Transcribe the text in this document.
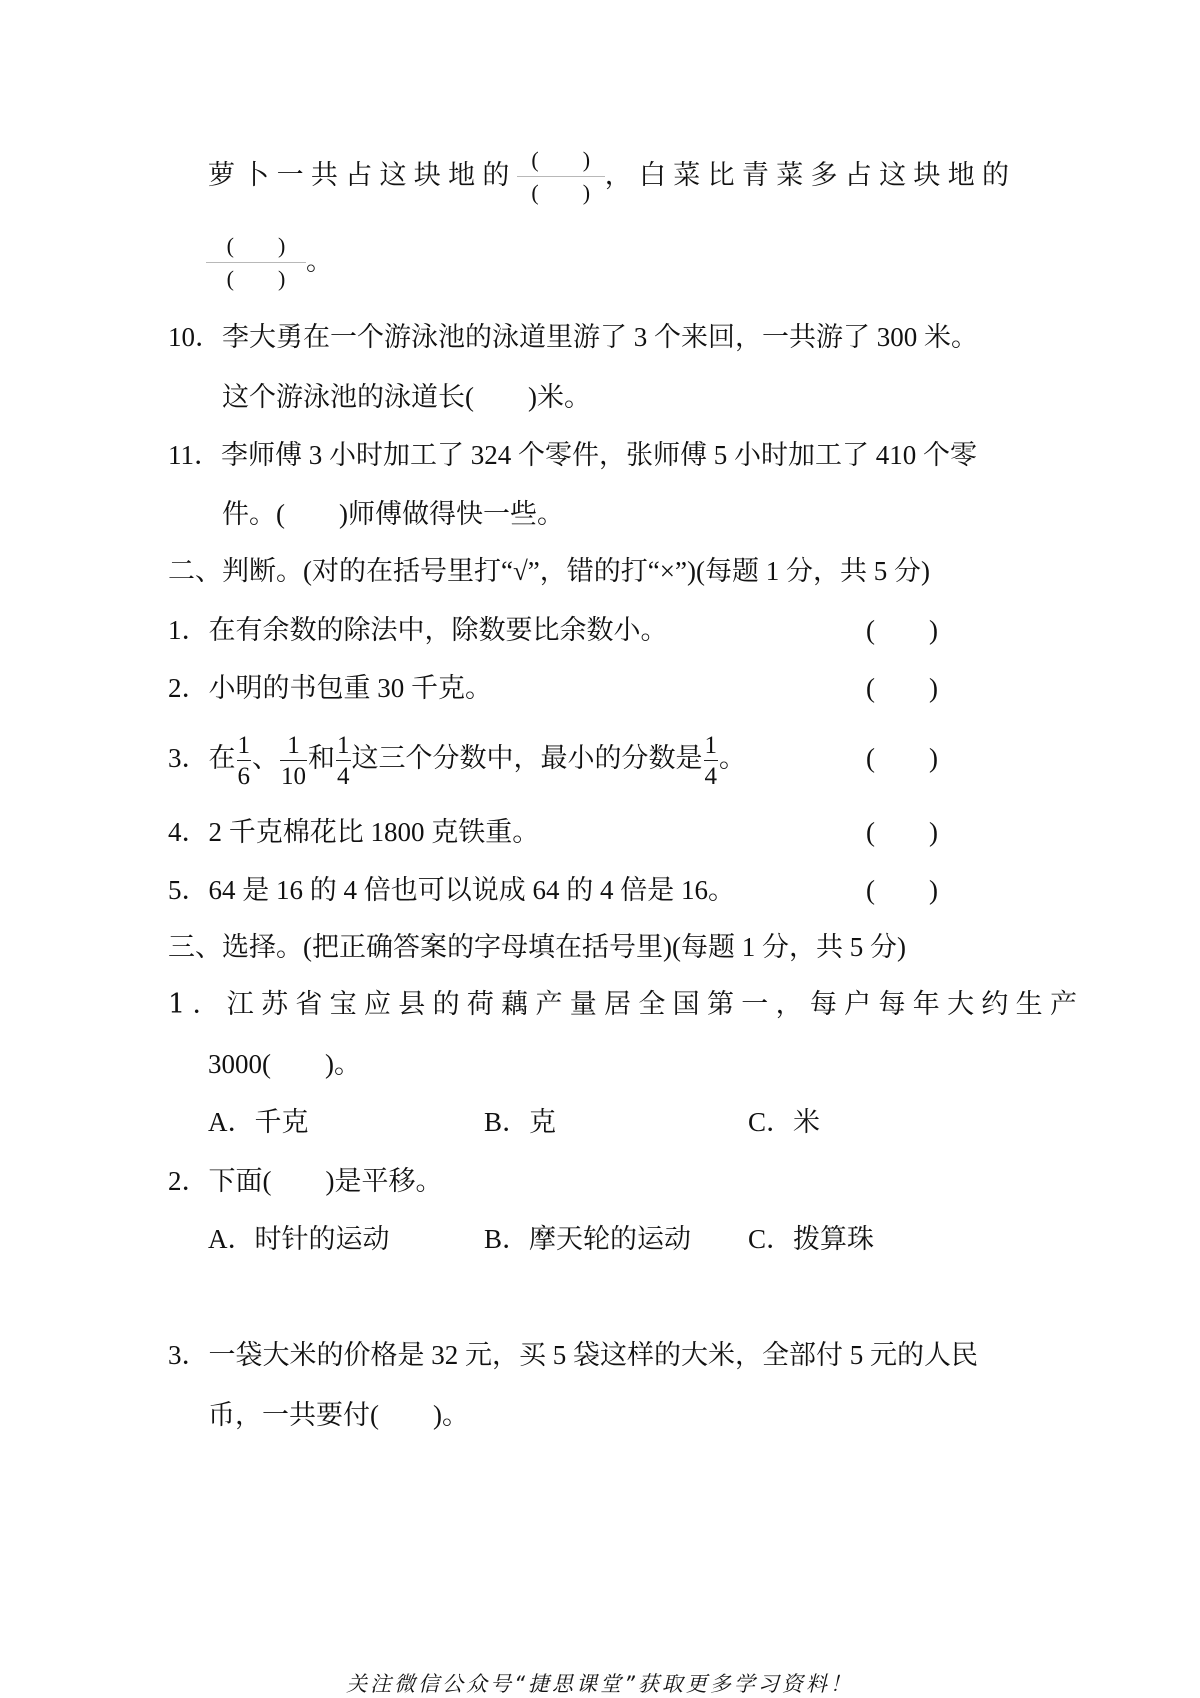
萝卜一共占这块地的
(　　)
(　　)
，白菜比青菜多占这块地的
(　　)
(　　)
。
10．李大勇在一个游泳池的泳道里游了 3 个来回，一共游了 300 米。
这个游泳池的泳道长(　　)米。
11．李师傅 3 小时加工了 324 个零件，张师傅 5 小时加工了 410 个零
件。(　　)师傅做得快一些。
二、判断。(对的在括号里打“√”，错的打“×”)(每题 1 分，共 5 分)
1．在有余数的除法中，除数要比余数小。	(　　)
2．小明的书包重 30 千克。	(　　)
3．在 $\frac{1}{6}$ 、 $\frac{1}{10}$ 和 $\frac{1}{4}$ 这三个分数中，最小的分数是 $\frac{1}{4}$ 。	(　　)
4．2 千克棉花比 1800 克铁重。	(　　)
5．64 是 16 的 4 倍也可以说成 64 的 4 倍是 16。	(　　)
三、选择。(把正确答案的字母填在括号里)(每题 1 分，共 5 分)
1．江苏省宝应县的荷藕产量居全国第一，每户每年大约生产
3000(　　)。
A．千克	B．克	C．米
2．下面(　　)是平移。
A．时针的运动	B．摩天轮的运动 C．拨算珠
3．一袋大米的价格是 32 元，买 5 袋这样的大米，全部付 5 元的人民
币，一共要付(　　)。
关注微信公众号“捷思课堂”获取更多学习资料！
